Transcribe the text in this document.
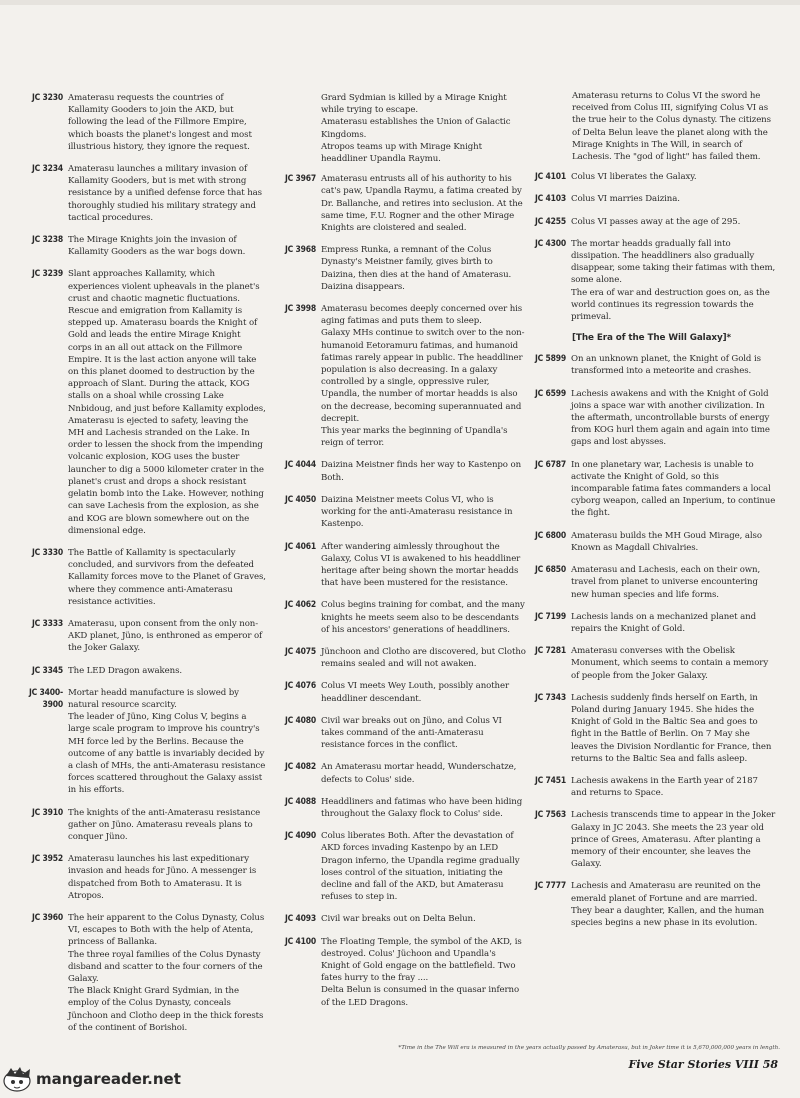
JC 3230 Amaterasu requests the countries of Kallamity Gooders to join the AKD, but following the lead of the Fillmore Empire, which boasts the planet's longest and most illustrious history, they ignore the request.

JC 3234 Amaterasu launches a military invasion of Kallamity Gooders, but is met with strong resistance by a unified defense force that has thoroughly studied his military strategy and tactical procedures.

JC 3238 The Mirage Knights join the invasion of Kallamity Gooders as the war bogs down.

JC 3239 Slant approaches Kallamity, which experiences violent upheavals in the planet's crust and chaotic magnetic fluctuations. Rescue and emigration from Kallamity is stepped up. Amaterasu boards the Knight of Gold and leads the entire Mirage Knight corps in an all out attack on the Fillmore Empire. It is the last action anyone will take on this planet doomed to destruction by the approach of Slant. During the attack, KOG stalls on a shoal while crossing Lake Nnbidoug, and just before Kallamity explodes, Amaterasu is ejected to safety, leaving the MH and Lachesis stranded on the Lake. In order to lessen the shock from the impending volcanic explosion, KOG uses the buster launcher to dig a 5000 kilometer crater in the planet's crust and drops a shock resistant gelatin bomb into the Lake. However, nothing can save Lachesis from the explosion, as she and KOG are blown somewhere out on the dimensional edge.

JC 3330 The Battle of Kallamity is spectacularly concluded, and survivors from the defeated Kallamity forces move to the Planet of Graves, where they commence anti-Amaterasu resistance activities.

JC 3333 Amaterasu, upon consent from the only non-AKD planet, Jüno, is enthroned as emperor of the Joker Galaxy.

JC 3345 The LED Dragon awakens.

JC 3400-
3900

Mortar headd manufacture is slowed by natural resource scarcity.

The leader of Jüno, King Colus V, begins a large scale program to improve his country's MH force led by the Berlins. Because the outcome of any battle is invariably decided by a clash of MHs, the anti-Amaterasu resistance forces scattered throughout the Galaxy assist in his efforts.

JC 3910 The knights of the anti-Amaterasu resistance gather on Jüno. Amaterasu reveals plans to conquer Jüno.

JC 3952 Amaterasu launches his last expeditionary invasion and heads for Jüno. A messenger is dispatched from Both to Amaterasu. It is Atropos.

JC 3960 The heir apparent to the Colus Dynasty, Colus VI, escapes to Both with the help of Atenta, princess of Ballanka.

The three royal families of the Colus Dynasty disband and scatter to the four corners of the Galaxy.

The Black Knight Grard Sydmian, in the employ of the Colus Dynasty, conceals Jünchoon and Clotho deep in the thick forests of the continent of Borishoi.

Grard Sydmian is killed by a Mirage Knight while trying to escape.
Amaterasu establishes the Union of Galactic Kingdoms.
Atropos teams up with Mirage Knight headdliner Upandla Raymu.
JC 3967 Amaterasu entrusts all of his authority to his cat's paw, Upandla Raymu, a fatima created by Dr. Ballanche, and retires into seclusion. At the same time, F.U. Rogner and the other Mirage Knights are cloistered and sealed.

JC 3968 Empress Runka, a remnant of the Colus Dynasty's Meistner family, gives birth to Daizina, then dies at the hand of Amaterasu. Daizina disappears.

JC 3998 Amaterasu becomes deeply concerned over his aging fatimas and puts them to sleep.

Galaxy MHs continue to switch over to the non-humanoid Eetoramuru fatimas, and humanoid fatimas rarely appear in public. The headdliner population is also decreasing. In a galaxy controlled by a single, oppressive ruler, Upandla, the number of mortar headds is also on the decrease, becoming superannuated and decrepit.

This year marks the beginning of Upandla's reign of terror.

JC 4044 Daizina Meistner finds her way to Kastenpo on Both.

JC 4050 Daizina Meistner meets Colus VI, who is working for the anti-Amaterasu resistance in Kastenpo.

JC 4061 After wandering aimlessly throughout the Galaxy, Colus VI is awakened to his headdliner heritage after being shown the mortar headds that have been mustered for the resistance.

JC 4062 Colus begins training for combat, and the many knights he meets seem also to be descendants of his ancestors' generations of headdliners.

JC 4075 Jünchoon and Clotho are discovered, but Clotho remains sealed and will not awaken.

JC 4076 Colus VI meets Wey Louth, possibly another headdliner descendant.

JC 4080 Civil war breaks out on Jüno, and Colus VI takes command of the anti-Amaterasu resistance forces in the conflict.

JC 4082 An Amaterasu mortar headd, Wunderschatze, defects to Colus' side.

JC 4088 Headdliners and fatimas who have been hiding throughout the Galaxy flock to Colus' side.

JC 4090 Colus liberates Both. After the devastation of AKD forces invading Kastenpo by an LED Dragon inferno, the Upandla regime gradually loses control of the situation, initiating the decline and fall of the AKD, but Amaterasu refuses to step in.

JC 4093 Civil war breaks out on Delta Belun.

JC 4100 The Floating Temple, the symbol of the AKD, is destroyed. Colus' Jüchoon and Upandla's Knight of Gold engage on the battlefield. Two fates hurry to the fray ....

Delta Belun is consumed in the quasar inferno of the LED Dragons.

Amaterasu returns to Colus VI the sword he received from Colus III, signifying Colus VI as the true heir to the Colus dynasty. The citizens of Delta Belun leave the planet along with the Mirage Knights in The Will, in search of Lachesis. The "god of light" has failed them.
JC 4101 Colus VI liberates the Galaxy.

JC 4103 Colus VI marries Daizina.

JC 4255 Colus VI passes away at the age of 295.

JC 4300 The mortar headds gradually fall into dissipation. The headdliners also gradually disappear, some taking their fatimas with them, some alone.

The era of war and destruction goes on, as the world continues its regression towards the primeval.

[The Era of the The Will Galaxy]*
JC 5899 On an unknown planet, the Knight of Gold is transformed into a meteorite and crashes.

JC 6599 Lachesis awakens and with the Knight of Gold joins a space war with another civilization. In the aftermath, uncontrollable bursts of energy from KOG hurl them again and again into time gaps and lost abysses.

JC 6787 In one planetary war, Lachesis is unable to activate the Knight of Gold, so this incomparable fatima fates commanders a local cyborg weapon, called an Inperium, to continue the fight.

JC 6800 Amaterasu builds the MH Goud Mirage, also Known as Magdall Chivalries.

JC 6850 Amaterasu and Lachesis, each on their own, travel from planet to universe encountering new human species and life forms.

JC 7199 Lachesis lands on a mechanized planet and repairs the Knight of Gold.

JC 7281 Amaterasu converses with the Obelisk Monument, which seems to contain a memory of people from the Joker Galaxy.

JC 7343 Lachesis suddenly finds herself on Earth, in Poland during January 1945. She hides the Knight of Gold in the Baltic Sea and goes to fight in the Battle of Berlin. On 7 May she leaves the Division Nordlantic for France, then returns to the Baltic Sea and falls asleep.

JC 7451 Lachesis awakens in the Earth year of 2187 and returns to Space.

JC 7563 Lachesis transcends time to appear in the Joker Galaxy in JC 2043. She meets the 23 year old prince of Grees, Amaterasu. After planting a memory of their encounter, she leaves the Galaxy.

JC 7777 Lachesis and Amaterasu are reunited on the emerald planet of Fortune and are married. They bear a daughter, Kallen, and the human species begins a new phase in its evolution.

*Time in the The Will era is measured in the years actually passed by Amaterasu, but in Joker time it is 5,670,000,000 years in length.
Five Star Stories VIII 58
mangareader.net
